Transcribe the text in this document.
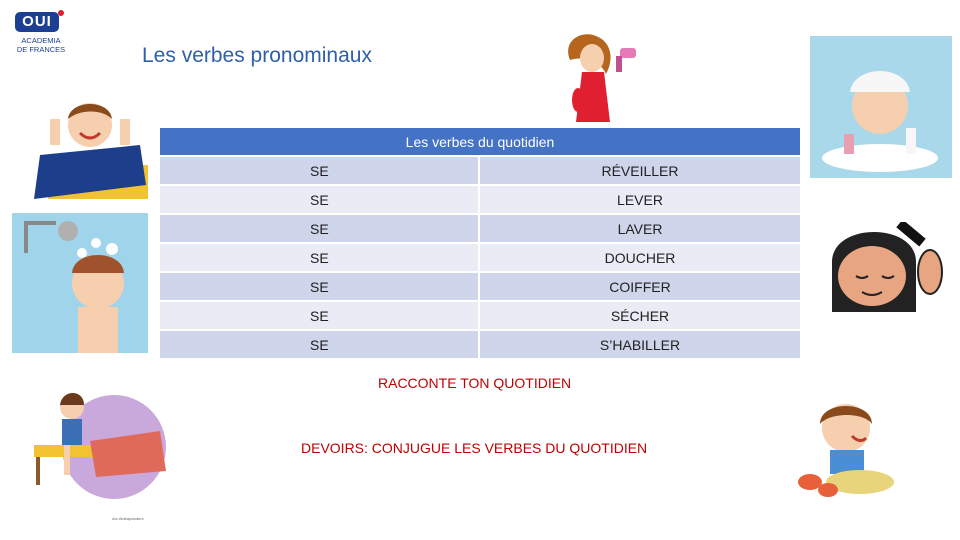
OUI
ACADEMIA
DE FRANCES	Les verbes pronominaux
Arc Aldeapanders
Les verbes du quotidien
SE	RÉVEILLER
SE	LEVER
SE	LAVER
SE	DOUCHER
SE	COIFFER
SE	SÉCHER
SE	S’HABILLER
RACCONTE TON QUOTIDIEN
DEVOIRS: CONJUGUE LES VERBES DU QUOTIDIEN
